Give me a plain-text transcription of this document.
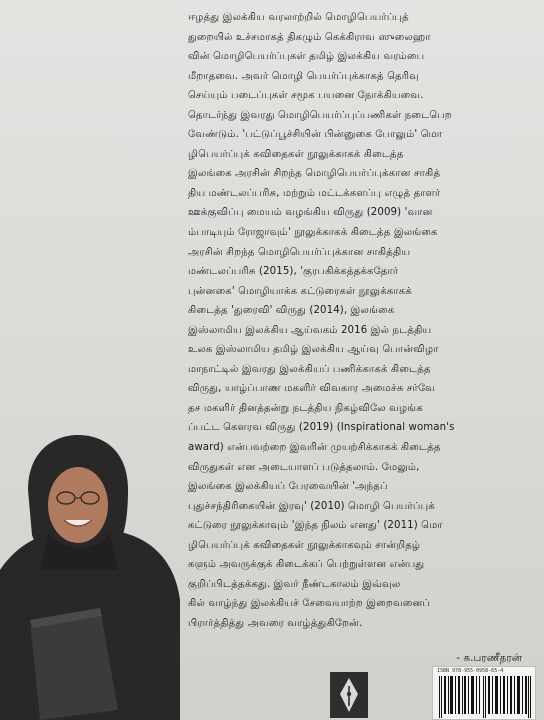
ஈழத்து இலக்கிய வரலாற்றில் மொழிபெயர்ப்புத்
துறையில் உச்சமாகத் திகழும் கெக்கிராவ ஸுலைஹா
வின் மொழிபெயர்ப்புகள் தமிழ் இலக்கிய வரம்பை
மீறாதவை. அவர் மொழி பெயர்ப்புக்காகத் தெரிவு
செய்யும் படைப்புகள் சமூக பயனை நோக்கியவை.
தொடர்ந்து இவரது மொழிபெயர்ப்புப்பணிகள் நடைபெற
வேண்டும். 'பட்டுப்பூச்சியின் பின்னுகை போலும்' மொ
ழிபெயர்ப்புக் கவிதைகள் நூலுக்காகக் கிடைத்த
இலங்கை அரசின் சிறந்த மொழிபெயர்ப்புக்கான சாகித்
திய மண்டலப்பரிசு, மற்றும் மட்டக்களப்பு எழுத் தாளர்
ஊக்குவிப்பு மையம் வழங்கிய விருது (2009) 'வான
ம்பாடியும் ரோஜாவும்' நூலுக்காகக் கிடைத்த இலங்கை
அரசின் சிறந்த மொழிபெயர்ப்புக்கான சாகித்திய
மண்டலப்பரிசு (2015), 'குரபகிக்கத்தக்கதோர்
புன்னகை' மொழியாக்க கட்டுரைகள் நூலுக்காகக்
கிடைத்த 'துரைவி' விருது (2014), இலங்கை
இஸ்லாமிய இலக்கிய ஆய்வகம் 2016 இல் நடத்திய
உலக இஸ்லாமிய தமிழ் இலக்கிய ஆய்வு பொன்விழா
மாநாட்டில் இவரது இலக்கியப் பணிக்காகக் கிடைத்த
விருது, யாழ்ப்பாண மகளிர் விவகார அமைச்சு சர்வே
தச மகளிர் தினத்தன்று நடத்திய நிகழ்விலே வழங்க
ப்பட்ட கௌரவ விருது (2019) (Inspirational woman's
award) என்பவற்றை இவரின் முயற்சிக்காகக் கிடைத்த
விருதுகள் என அடையாளப் படுத்தலாம். மேலும்,
இலங்கை இலக்கியப் பேரவையின் 'அந்தப்
புதுச்சந்திரிகையின் இரவு' (2010) மொழி பெயர்ப்புக்
கட்டுரை நூலுக்காவும் 'இந்த நிலம் எனது' (2011) மொ
ழிபெயர்ப்புக் கவிதைகள் நூலுக்காகவும் சான்றிதழ்
களும் அவருக்குக் கிடைக்கப் பெற்றுள்ளன என்பது
குறிப்பிடத்தக்கது. இவர் நீண்டகாலம் இவ்வுல
கில் வாழ்ந்து இலக்கியச் சேவையாற்ற இறைவனைப்
பிரார்த்தித்து அவரை வாழ்த்துகிறேன்.
- க.பரணீதரன்
ISBN 978-955-0958-65-4
